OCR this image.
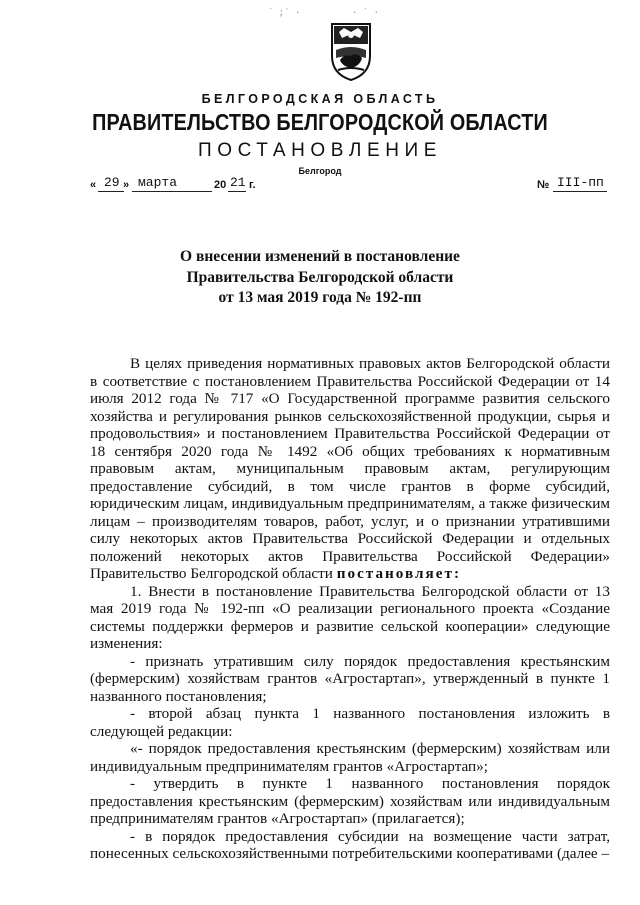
˙ ;ˊ ·	· ˊ ·
БЕЛГОРОДСКАЯ ОБЛАСТЬ
ПРАВИТЕЛЬСТВО БЕЛГОРОДСКОЙ ОБЛАСТИ
ПОСТАНОВЛЕНИЕ
Белгород
« 29 » марта	20 21 г.	№ III-пп
О внесении изменений в постановление
Правительства Белгородской области
от 13 мая 2019 года № 192-пп

В целях приведения нормативных правовых актов Белгородской области в соответствие с постановлением Правительства Российской Федерации от 14 июля 2012 года № 717 «О Государственной программе развития сельского хозяйства и регулирования рынков сельскохозяйственной продукции, сырья и продовольствия» и постановлением Правительства Российской Федерации от 18 сентября 2020 года № 1492 «Об общих требованиях к нормативным правовым актам, муниципальным правовым актам, регулирующим предоставление субсидий, в том числе грантов в форме субсидий, юридическим лицам, индивидуальным предпринимателям, а также физическим лицам – производителям товаров, работ, услуг, и о признании утратившими силу некоторых актов Правительства Российской Федерации и отдельных положений некоторых актов Правительства Российской Федерации» Правительство Белгородской области постановляет:

1. Внести в постановление Правительства Белгородской области от 13 мая 2019 года № 192-пп «О реализации регионального проекта «Создание системы поддержки фермеров и развитие сельской кооперации» следующие изменения:

- признать утратившим силу порядок предоставления крестьянским (фермерским) хозяйствам грантов «Агростартап», утвержденный в пункте 1 названного постановления;

- второй абзац пункта 1 названного постановления изложить в следующей редакции:

«- порядок предоставления крестьянским (фермерским) хозяйствам или индивидуальным предпринимателям грантов «Агростартап»;

- утвердить в пункте 1 названного постановления порядок предоставления крестьянским (фермерским) хозяйствам или индивидуальным предпринимателям грантов «Агростартап» (прилагается);

- в порядок предоставления субсидии на возмещение части затрат, понесенных сельскохозяйственными потребительскими кооперативами (далее –
